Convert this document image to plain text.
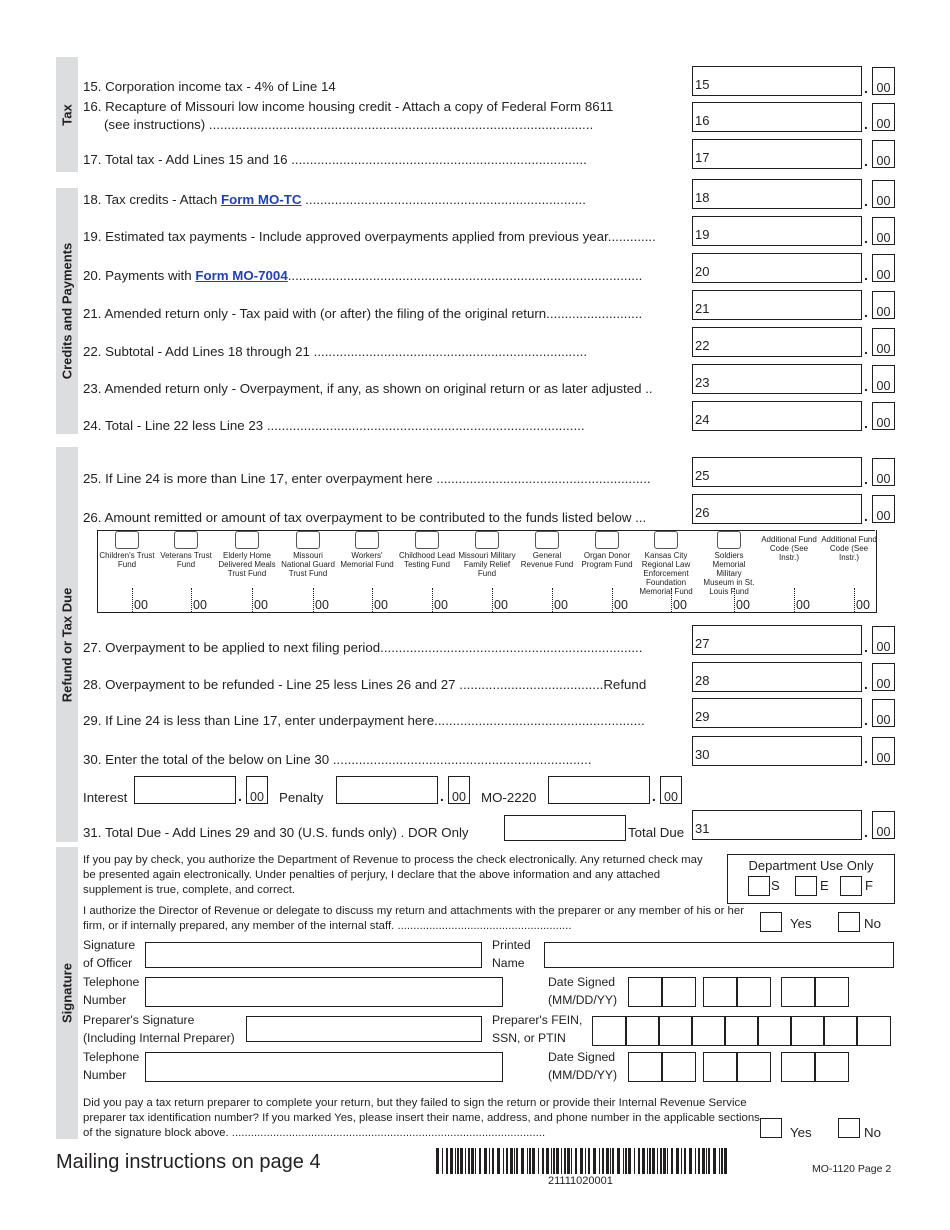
Tax
Credits and Payments
Refund or Tax Due
Signature
15. Corporation income tax - 4% of Line 14
16. Recapture of Missouri low income housing credit - Attach a copy of Federal Form 8611
(see instructions) ........................................................................................................
17. Total tax - Add Lines 15 and 16 ................................................................................
18. Tax credits - Attach Form MO-TC ............................................................................
19. Estimated tax payments - Include approved overpayments applied from previous year.............
20. Payments with Form MO-7004................................................................................................
21. Amended return only - Tax paid with (or after) the filing of the original return..........................
22. Subtotal - Add Lines 18 through 21 ..........................................................................
23. Amended return only - Overpayment, if any, as shown on original return or as later adjusted ..
24. Total - Line 22 less Line 23 ......................................................................................
25. If Line 24 is more than Line 17, enter overpayment here ..........................................................
26. Amount remitted or amount of tax overpayment to be contributed to the funds listed below ...
27. Overpayment to be applied to next filing period.......................................................................
28. Overpayment to be refunded - Line 25 less Lines 26 and 27 .......................................Refund
29. If Line 24 is less than Line 17, enter underpayment here.........................................................
30. Enter the total of the below on Line 30 ......................................................................
31. Total Due - Add Lines 29 and 30 (U.S. funds only) . DOR Only	Total Due
15	. 00
16	. 00
17	. 00
18	. 00
19	. 00
20	. 00
21	. 00
22	. 00
23	. 00
24	. 00
25	. 00
26	. 00
27	. 00
28	. 00
29	. 00
30	. 00
31	. 00
Interest	. 00	Penalty	. 00	MO-2220	. 00
Children's Trust Fund
00
Veterans Trust Fund
00
Elderly Home Delivered Meals Trust Fund
00
Missouri National Guard Trust Fund
00
Workers' Memorial Fund
00
Childhood Lead Testing Fund
00
Missouri Military Family Relief Fund
00
General Revenue Fund
00
Organ Donor Program Fund
00
Kansas City Regional Law Enforcement Foundation Memorial Fund
00
Soldiers Memorial Military Museum in St. Louis Fund
00
Additional Fund Code (See Instr.)
00
Additional Fund Code (See Instr.)
00
If you pay by check, you authorize the Department of Revenue to process the check electronically. Any returned check may be presented again electronically. Under penalties of perjury, I declare that the above information and any attached supplement is true, complete, and correct.
Department Use Only
S	E	F
I authorize the Director of Revenue or delegate to discuss my return and attachments with the preparer or any member of his or her firm, or if internally prepared, any member of the internal staff. .......................................................	Yes	No
Signature
of Officer
Printed
Name
Telephone
Number
Date Signed
(MM/DD/YY)
Preparer's Signature
(Including Internal Preparer)
Preparer's FEIN,
SSN, or PTIN
Telephone
Number
Date Signed
(MM/DD/YY)
Did you pay a tax return preparer to complete your return, but they failed to sign the return or provide their Internal Revenue Service preparer tax identification number? If you marked Yes, please insert their name, address, and phone number in the applicable sections of the signature block above. ...................................................................................................	Yes	No
Mailing instructions on page 4
21111020001
MO-1120 Page 2
